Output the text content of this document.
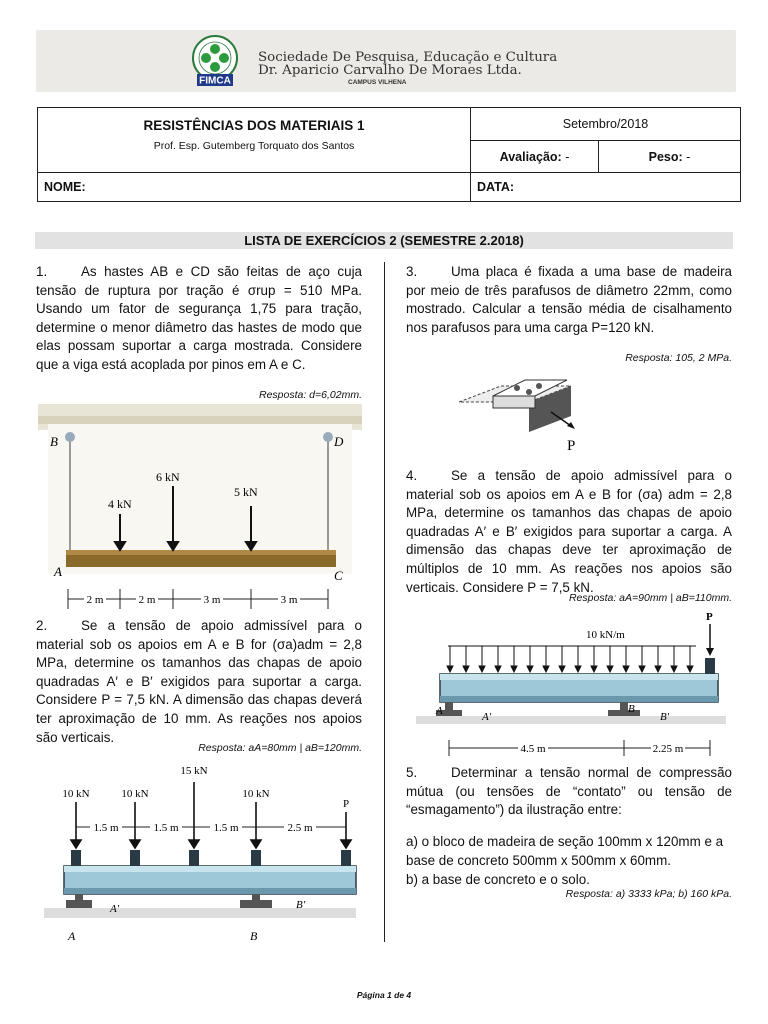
FIMCA
Sociedade De Pesquisa, Educação e Cultura
Dr. Aparicio Carvalho De Moraes Ltda.
CAMPUS VILHENA
RESISTÊNCIAS DOS MATERIAIS 1
Prof. Esp. Gutemberg Torquato dos Santos	Setembro/2018	
	Avaliação: -	Peso: -
NOME:	DATA:	
LISTA DE EXERCÍCIOS 2 (SEMESTRE 2.2018)
1.	As hastes AB e CD são feitas de aço cuja tensão de ruptura por tração é σrup = 510 MPa. Usando um fator de segurança 1,75 para tração, determine o menor diâmetro das hastes de modo que elas possam suportar a carga mostrada. Considere que a viga está acoplada por pinos em A e C.
Resposta: d=6,02mm.
B	D
A	C
4 kN
6 kN
5 kN
2 m	2 m	3 m	3 m
2.	Se a tensão de apoio admissível para o material sob os apoios em A e B for (σa)adm = 2,8 MPa, determine os tamanhos das chapas de apoio quadradas A′ e B′ exigidos para suportar a carga. Considere P = 7,5 kN. A dimensão das chapas deverá ter aproximação de 10 mm. As reações nos apoios são verticais.
Resposta: aA=80mm | aB=120mm.
10 kN	10 kN
15 kN
10 kN
P
1.5 m	1.5 m	1.5 m	2.5 m
A′	B′
A	B
3.	Uma placa é fixada a uma base de madeira por meio de três parafusos de diâmetro 22mm, como mostrado. Calcular a tensão média de cisalhamento nos parafusos para uma carga P=120 kN.
Resposta: 105, 2 MPa.
P
4.	Se a tensão de apoio admissível para o material sob os apoios em A e B for (σa) adm = 2,8 MPa, determine os tamanhos das chapas de apoio quadradas A′ e B′ exigidos para suportar a carga. A dimensão das chapas deve ter aproximação de múltiplos de 10 mm. As reações nos apoios são verticais. Considere P = 7,5 kN.
Resposta: aA=90mm | aB=110mm.
10 kN/m
P
A	A′
B
B′
4.5 m	2.25 m
5.	Determinar a tensão normal de compressão mútua (ou tensões de “contato” ou tensão de “esmagamento”) da ilustração entre:
a) o bloco de madeira de seção 100mm x 120mm e a base de concreto 500mm x 500mm x 60mm.
b) a base de concreto e o solo.
Resposta: a) 3333 kPa; b) 160 kPa.
Página 1 de 4
